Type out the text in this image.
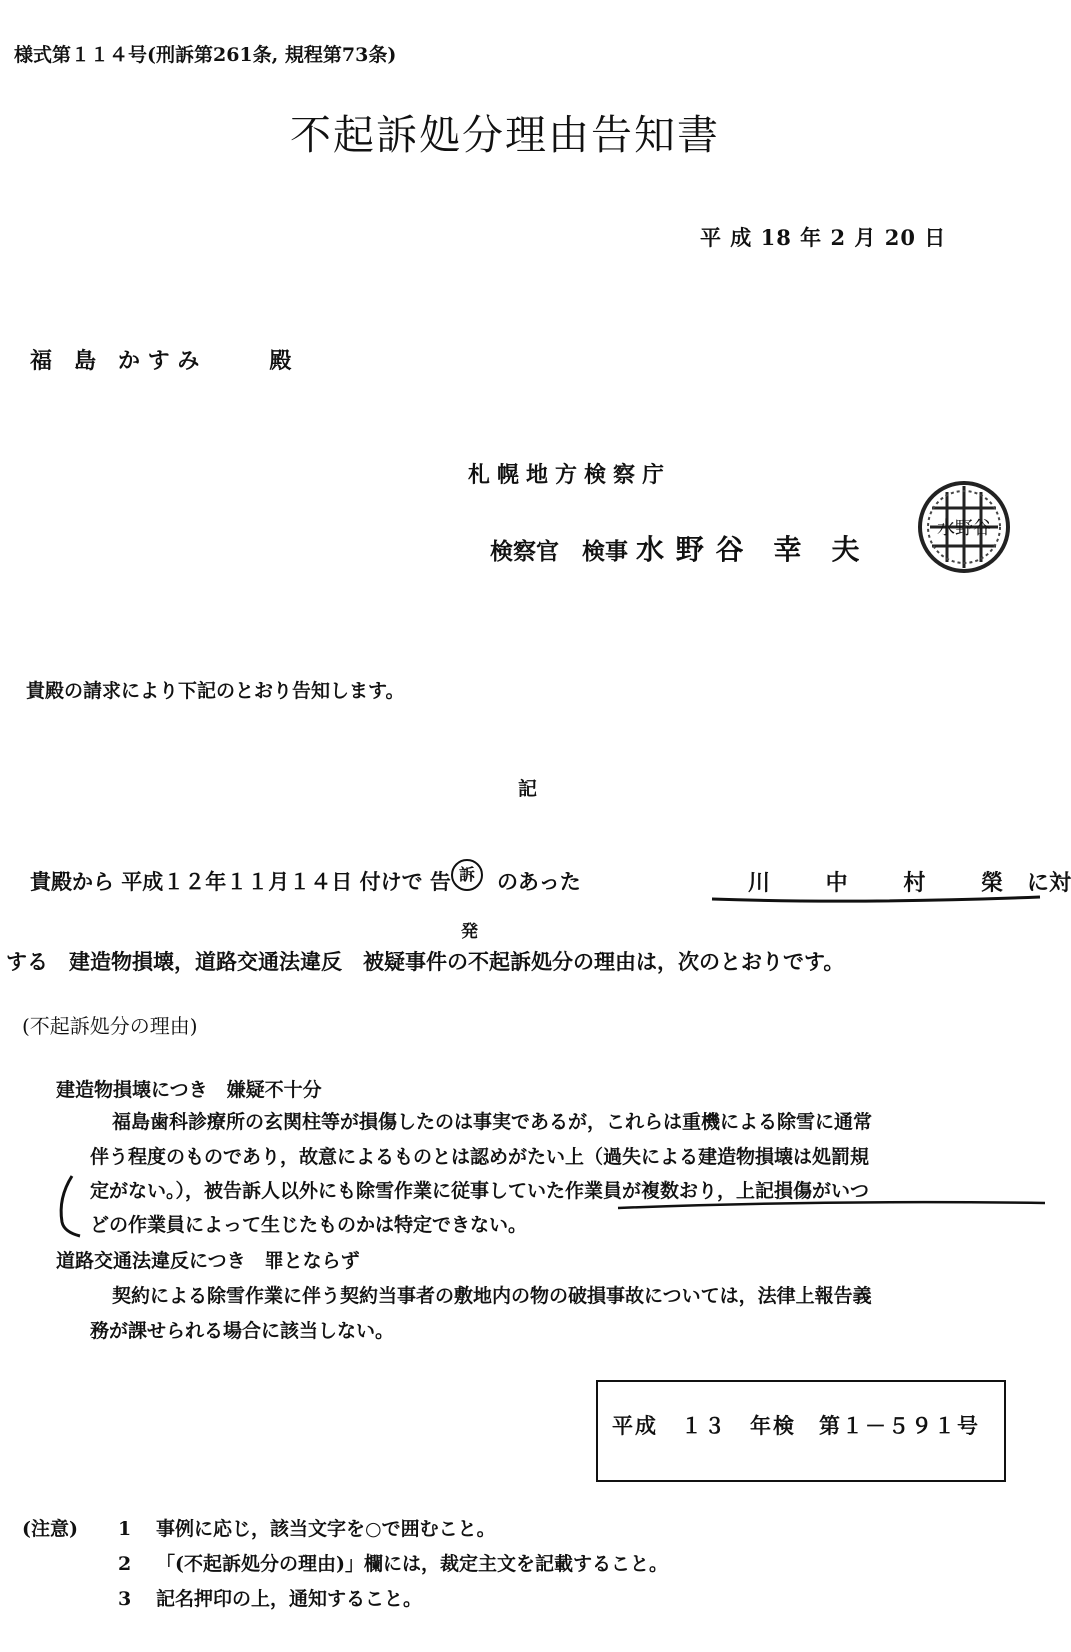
様式第１１４号(刑訴第261条, 規程第73条)
不起訴処分理由告知書
平 成 18 年 2 月 20 日
福　島　か す み	殿
札幌地方検察庁
検察官　検事 水 野 谷　幸　夫
水野谷
貴殿の請求により下記のとおり告知します。
記
貴殿から 平成１２年１１月１４日 付けで 告 訴
発
のあった	川 中 村 榮に対
する　建造物損壊，道路交通法違反　被疑事件の不起訴処分の理由は，次のとおりです。
(不起訴処分の理由)
建造物損壊につき　嫌疑不十分
福島歯科診療所の玄関柱等が損傷したのは事実であるが，これらは重機による除雪に通常
伴う程度のものであり，故意によるものとは認めがたい上（過失による建造物損壊は処罰規
定がない。），被告訴人以外にも除雪作業に従事していた作業員が複数おり，上記損傷がいつ
どの作業員によって生じたものかは特定できない。
道路交通法違反につき　罪とならず
契約による除雪作業に伴う契約当事者の敷地内の物の破損事故については，法律上報告義
務が課せられる場合に該当しない。
平成　１３　年検　第１－５９１号
(注意) 1 事例に応じ，該当文字を○で囲むこと。
2 「(不起訴処分の理由)」欄には，裁定主文を記載すること。
3 記名押印の上，通知すること。
